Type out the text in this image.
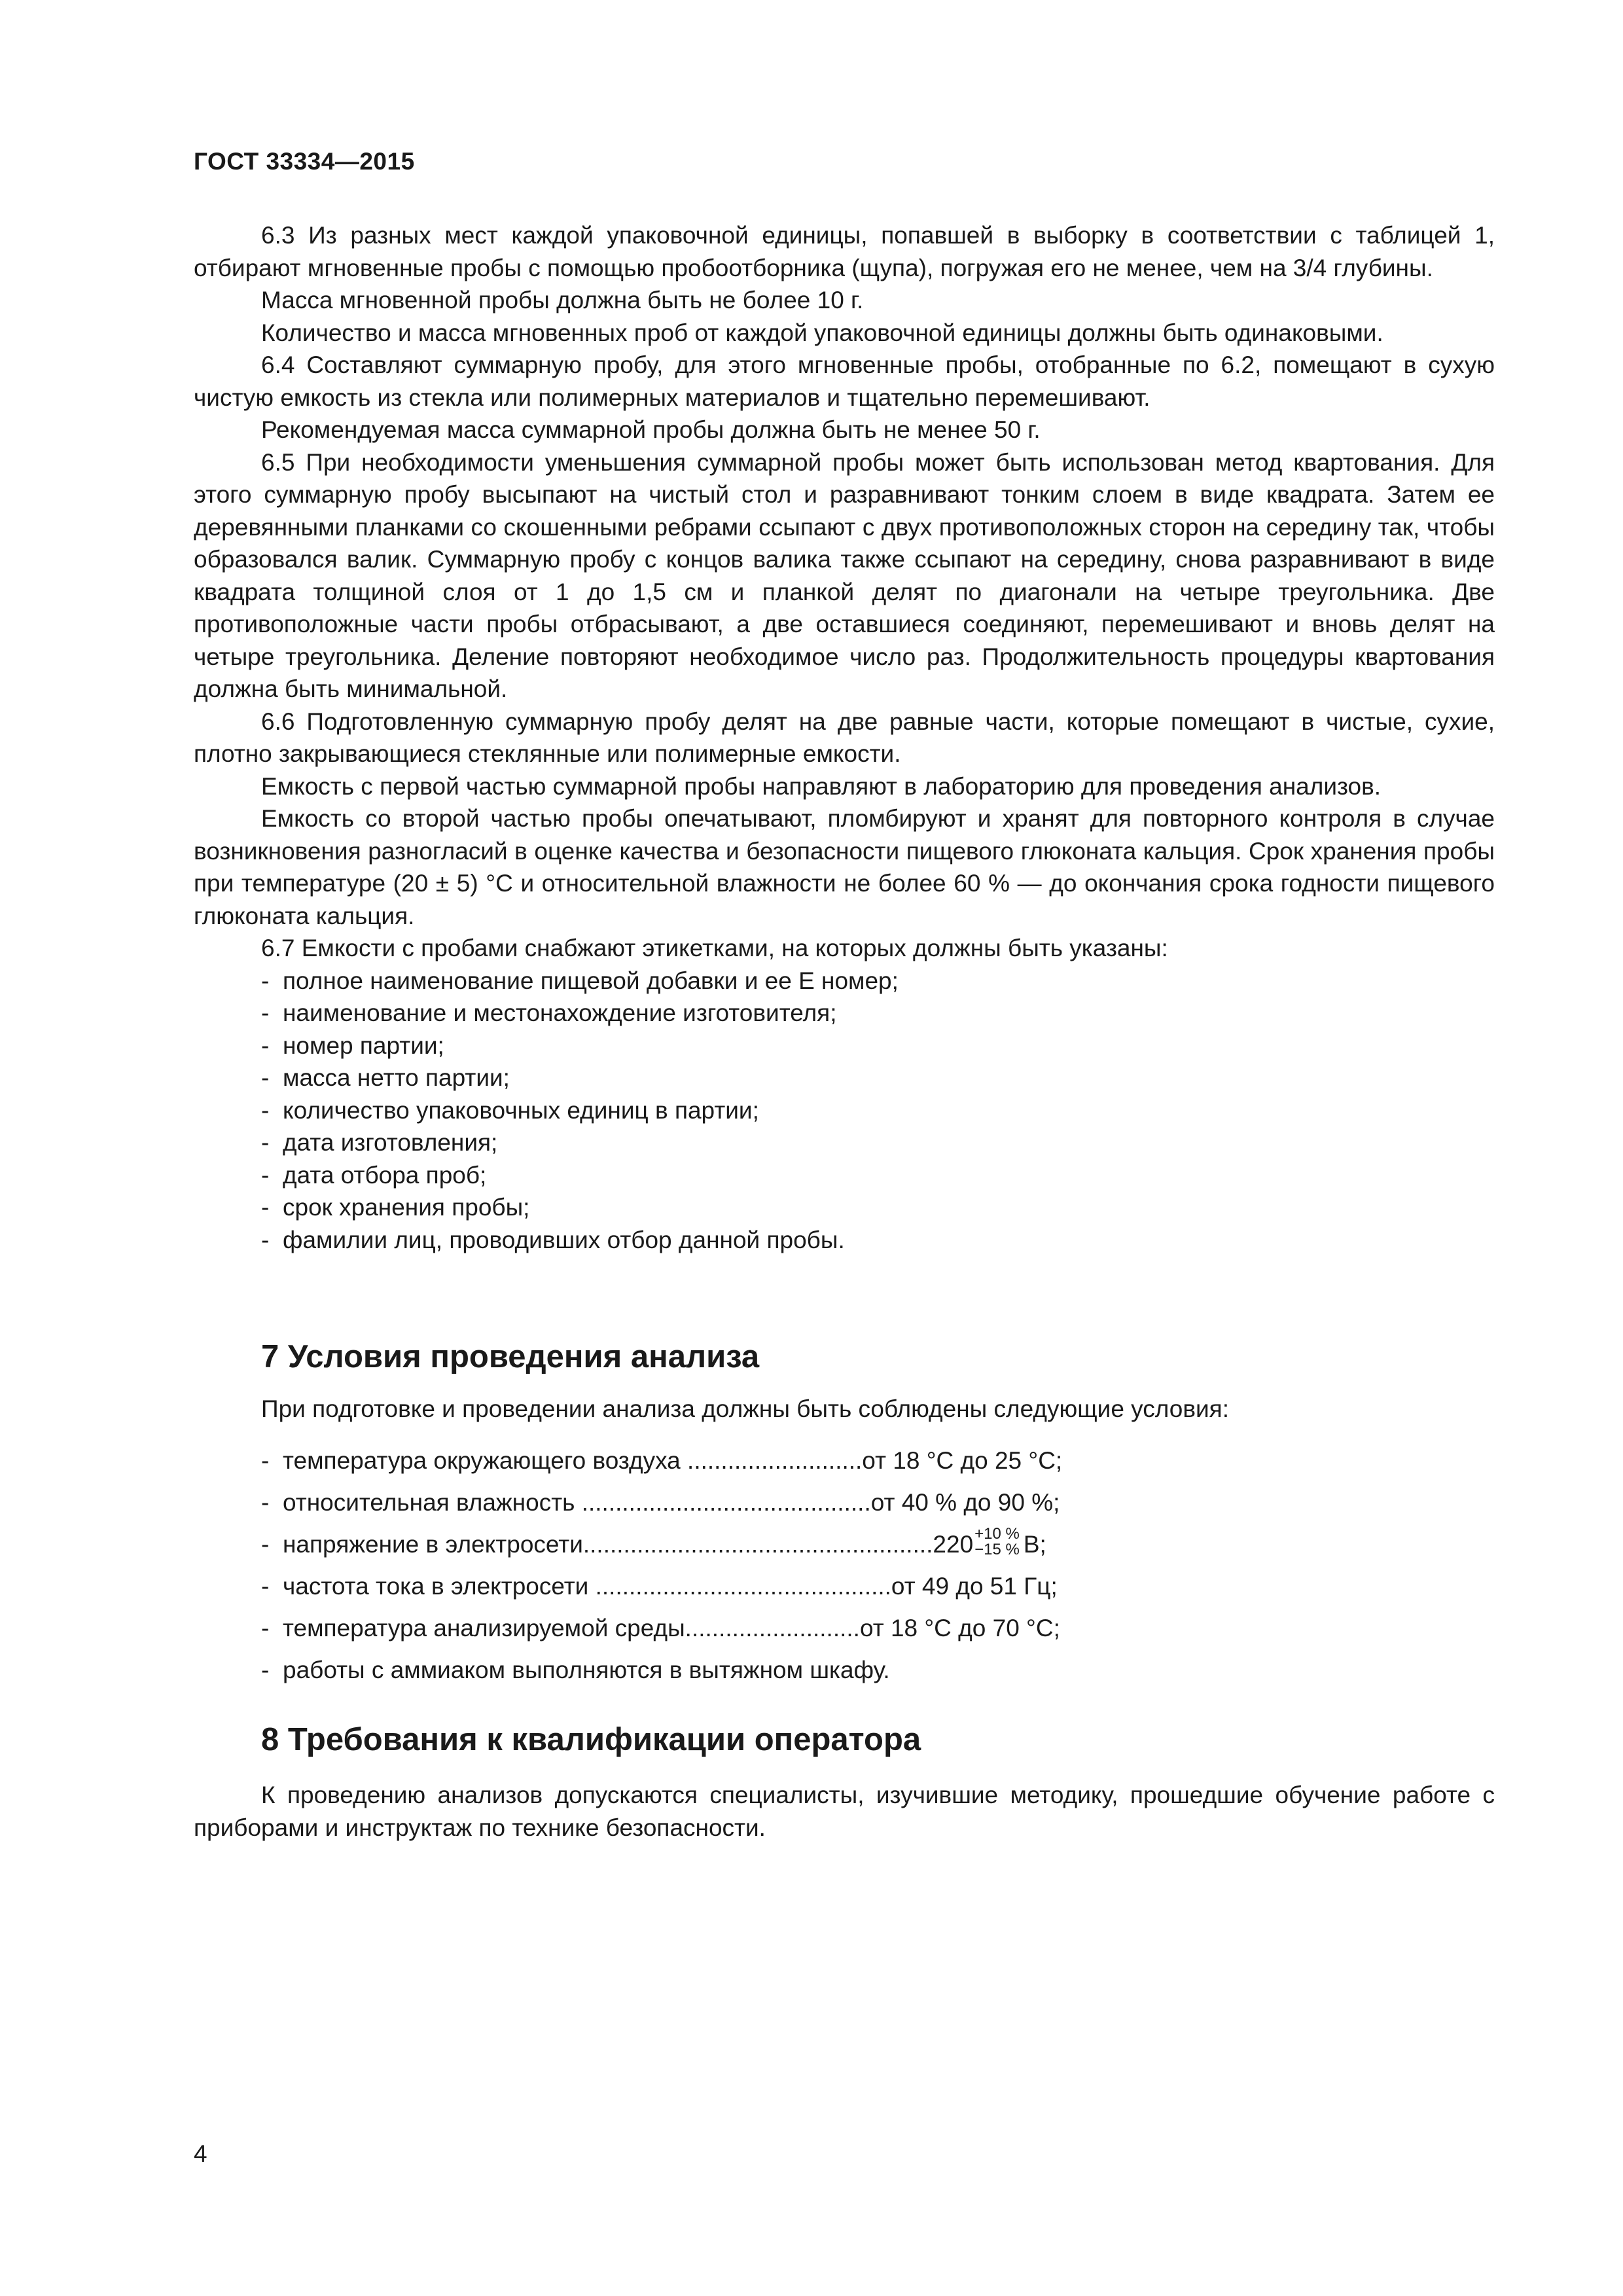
ГОСТ 33334—2015

6.3 Из разных мест каждой упаковочной единицы, попавшей в выборку в соответствии с таблицей 1, отбирают мгновенные пробы с помощью пробоотборника (щупа), погружая его не менее, чем на 3/4 глубины.

Масса мгновенной пробы должна быть не более 10 г.

Количество и масса мгновенных проб от каждой упаковочной единицы должны быть одинаковыми.

6.4 Составляют суммарную пробу, для этого мгновенные пробы, отобранные по 6.2, помещают в сухую чистую емкость из стекла или полимерных материалов и тщательно перемешивают.

Рекомендуемая масса суммарной пробы должна быть не менее 50 г.

6.5 При необходимости уменьшения суммарной пробы может быть использован метод квартования. Для этого суммарную пробу высыпают на чистый стол и разравнивают тонким слоем в виде квадрата. Затем ее деревянными планками со скошенными ребрами ссыпают с двух противоположных сторон на середину так, чтобы образовался валик. Суммарную пробу с концов валика также ссыпают на середину, снова разравнивают в виде квадрата толщиной слоя от 1 до 1,5 см и планкой делят по диагонали на четыре треугольника. Две противоположные части пробы отбрасывают, а две оставшиеся соединяют, перемешивают и вновь делят на четыре треугольника. Деление повторяют необходимое число раз. Продолжительность процедуры квартования должна быть минимальной.

6.6 Подготовленную суммарную пробу делят на две равные части, которые помещают в чистые, сухие, плотно закрывающиеся стеклянные или полимерные емкости.

Емкость с первой частью суммарной пробы направляют в лабораторию для проведения анализов.

Емкость со второй частью пробы опечатывают, пломбируют и хранят для повторного контроля в случае возникновения разногласий в оценке качества и безопасности пищевого глюконата кальция. Срок хранения пробы при температуре (20 ± 5) °С и относительной влажности не более 60 % — до окончания срока годности пищевого глюконата кальция.

6.7 Емкости с пробами снабжают этикетками, на которых должны быть указаны:

- полное наименование пищевой добавки и ее Е номер;
- наименование и местонахождение изготовителя;
- номер партии;
- масса нетто партии;
- количество упаковочных единиц в партии;
- дата изготовления;
- дата отбора проб;
- срок хранения пробы;
- фамилии лиц, проводивших отбор данной пробы.
7 Условия проведения анализа
При подготовке и проведении анализа должны быть соблюдены следующие условия:
- температура окружающего воздуха ..........................от 18 °С до 25 °С;
- относительная влажность ...........................................от 40 % до 90 %;
- напряжение в электросети....................................................220 +10 %
−15 % В;
- частота тока в электросети ............................................от 49 до 51 Гц;
- температура анализируемой среды..........................от 18 °С до 70 °С;
- работы с аммиаком выполняются в вытяжном шкафу.
8 Требования к квалификации оператора

К проведению анализов допускаются специалисты, изучившие методику, прошедшие обучение работе с приборами и инструктаж по технике безопасности.

4
